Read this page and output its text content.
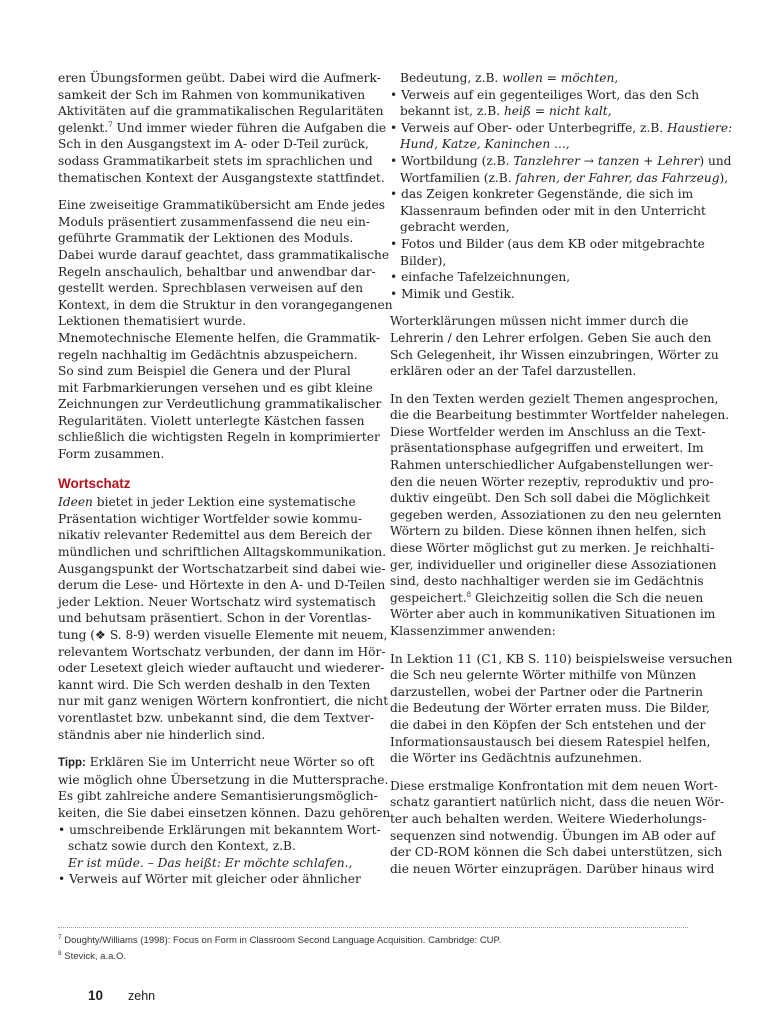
eren Übungsformen geübt. Dabei wird die Aufmerk-
samkeit der Sch im Rahmen von kommunikativen
Aktivitäten auf die grammatikalischen Regularitäten
gelenkt.$^7$ Und immer wieder führen die Aufgaben die
Sch in den Ausgangstext im A- oder D-Teil zurück,
sodass Grammatikarbeit stets im sprachlichen und
thematischen Kontext der Ausgangstexte stattfindet.
Eine zweiseitige Grammatikübersicht am Ende jedes
Moduls präsentiert zusammenfassend die neu ein-
geführte Grammatik der Lektionen des Moduls.
Dabei wurde darauf geachtet, dass grammatikalische
Regeln anschaulich, behaltbar und anwendbar dar-
gestellt werden. Sprechblasen verweisen auf den
Kontext, in dem die Struktur in den vorangegangenen
Lektionen thematisiert wurde.
Mnemotechnische Elemente helfen, die Grammatik-
regeln nachhaltig im Gedächtnis abzuspeichern.
So sind zum Beispiel die Genera und der Plural
mit Farbmarkierungen versehen und es gibt kleine
Zeichnungen zur Verdeutlichung grammatikalischer
Regularitäten. Violett unterlegte Kästchen fassen
schließlich die wichtigsten Regeln in komprimierter
Form zusammen.
Wortschatz
Ideen bietet in jeder Lektion eine systematische
Präsentation wichtiger Wortfelder sowie kommu-
nikativ relevanter Redemittel aus dem Bereich der
mündlichen und schriftlichen Alltagskommunikation.
Ausgangspunkt der Wortschatzarbeit sind dabei wie-
derum die Lese- und Hörtexte in den A- und D-Teilen
jeder Lektion. Neuer Wortschatz wird systematisch
und behutsam präsentiert. Schon in der Vorentlas-
tung (❖ S. 8-9) werden visuelle Elemente mit neuem,
relevantem Wortschatz verbunden, der dann im Hör-
oder Lesetext gleich wieder auftaucht und wiederer-
kannt wird. Die Sch werden deshalb in den Texten
nur mit ganz wenigen Wörtern konfrontiert, die nicht
vorentlastet bzw. unbekannt sind, die dem Textver-
ständnis aber nie hinderlich sind.
Tipp: Erklären Sie im Unterricht neue Wörter so oft
wie möglich ohne Übersetzung in die Muttersprache.
Es gibt zahlreiche andere Semantisierungsmöglich-
keiten, die Sie dabei einsetzen können. Dazu gehören
• umschreibende Erklärungen mit bekanntem Wort-
schatz sowie durch den Kontext, z.B.
Er ist müde. – Das heißt: Er möchte schlafen.,
• Verweis auf Wörter mit gleicher oder ähnlicher
Bedeutung, z.B. wollen = möchten,
• Verweis auf ein gegenteiliges Wort, das den Sch
bekannt ist, z.B. heiß = nicht kalt,
• Verweis auf Ober- oder Unterbegriffe, z.B. Haustiere:
Hund, Katze, Kaninchen ...,
• Wortbildung (z.B. Tanzlehrer → tanzen + Lehrer) und
Wortfamilien (z.B. fahren, der Fahrer, das Fahrzeug),
• das Zeigen konkreter Gegenstände, die sich im
Klassenraum befinden oder mit in den Unterricht
gebracht werden,
• Fotos und Bilder (aus dem KB oder mitgebrachte
Bilder),
• einfache Tafelzeichnungen,
• Mimik und Gestik.
Worterklärungen müssen nicht immer durch die
Lehrerin / den Lehrer erfolgen. Geben Sie auch den
Sch Gelegenheit, ihr Wissen einzubringen, Wörter zu
erklären oder an der Tafel darzustellen.
In den Texten werden gezielt Themen angesprochen,
die die Bearbeitung bestimmter Wortfelder nahelegen.
Diese Wortfelder werden im Anschluss an die Text-
präsentationsphase aufgegriffen und erweitert. Im
Rahmen unterschiedlicher Aufgabenstellungen wer-
den die neuen Wörter rezeptiv, reproduktiv und pro-
duktiv eingeübt. Den Sch soll dabei die Möglichkeit
gegeben werden, Assoziationen zu den neu gelernten
Wörtern zu bilden. Diese können ihnen helfen, sich
diese Wörter möglichst gut zu merken. Je reichhalti-
ger, individueller und origineller diese Assoziationen
sind, desto nachhaltiger werden sie im Gedächtnis
gespeichert.$^8$ Gleichzeitig sollen die Sch die neuen
Wörter aber auch in kommunikativen Situationen im
Klassenzimmer anwenden:
In Lektion 11 (C1, KB S. 110) beispielsweise versuchen
die Sch neu gelernte Wörter mithilfe von Münzen
darzustellen, wobei der Partner oder die Partnerin
die Bedeutung der Wörter erraten muss. Die Bilder,
die dabei in den Köpfen der Sch entstehen und der
Informationsaustausch bei diesem Ratespiel helfen,
die Wörter ins Gedächtnis aufzunehmen.
Diese erstmalige Konfrontation mit dem neuen Wort-
schatz garantiert natürlich nicht, dass die neuen Wör-
ter auch behalten werden. Weitere Wiederholungs-
sequenzen sind notwendig. Übungen im AB oder auf
der CD-ROM können die Sch dabei unterstützen, sich
die neuen Wörter einzuprägen. Darüber hinaus wird
$^7$ Doughty/Williams (1998): Focus on Form in Classroom Second Language Acquisition. Cambridge: CUP.
$^8$ Stevick, a.a.O.
10 zehn
